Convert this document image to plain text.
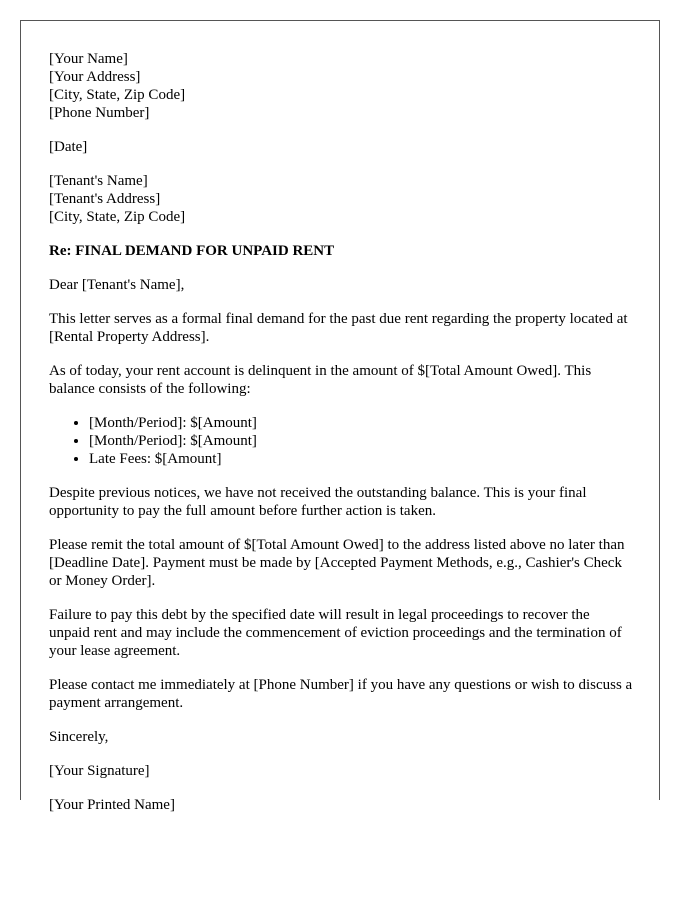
[Your Name]
[Your Address]
[City, State, Zip Code]
[Phone Number]
[Date]
[Tenant's Name]
[Tenant's Address]
[City, State, Zip Code]
Re: FINAL DEMAND FOR UNPAID RENT

Dear [Tenant's Name],

This letter serves as a formal final demand for the past due rent regarding the property located at [Rental Property Address].

As of today, your rent account is delinquent in the amount of $[Total Amount Owed]. This balance consists of the following:

• [Month/Period]: $[Amount]
• [Month/Period]: $[Amount]
• Late Fees: $[Amount]

Despite previous notices, we have not received the outstanding balance. This is your final opportunity to pay the full amount before further action is taken.

Please remit the total amount of $[Total Amount Owed] to the address listed above no later than [Deadline Date]. Payment must be made by [Accepted Payment Methods, e.g., Cashier's Check or Money Order].

Failure to pay this debt by the specified date will result in legal proceedings to recover the unpaid rent and may include the commencement of eviction proceedings and the termination of your lease agreement.

Please contact me immediately at [Phone Number] if you have any questions or wish to discuss a payment arrangement.

Sincerely,

[Your Signature]

[Your Printed Name]
